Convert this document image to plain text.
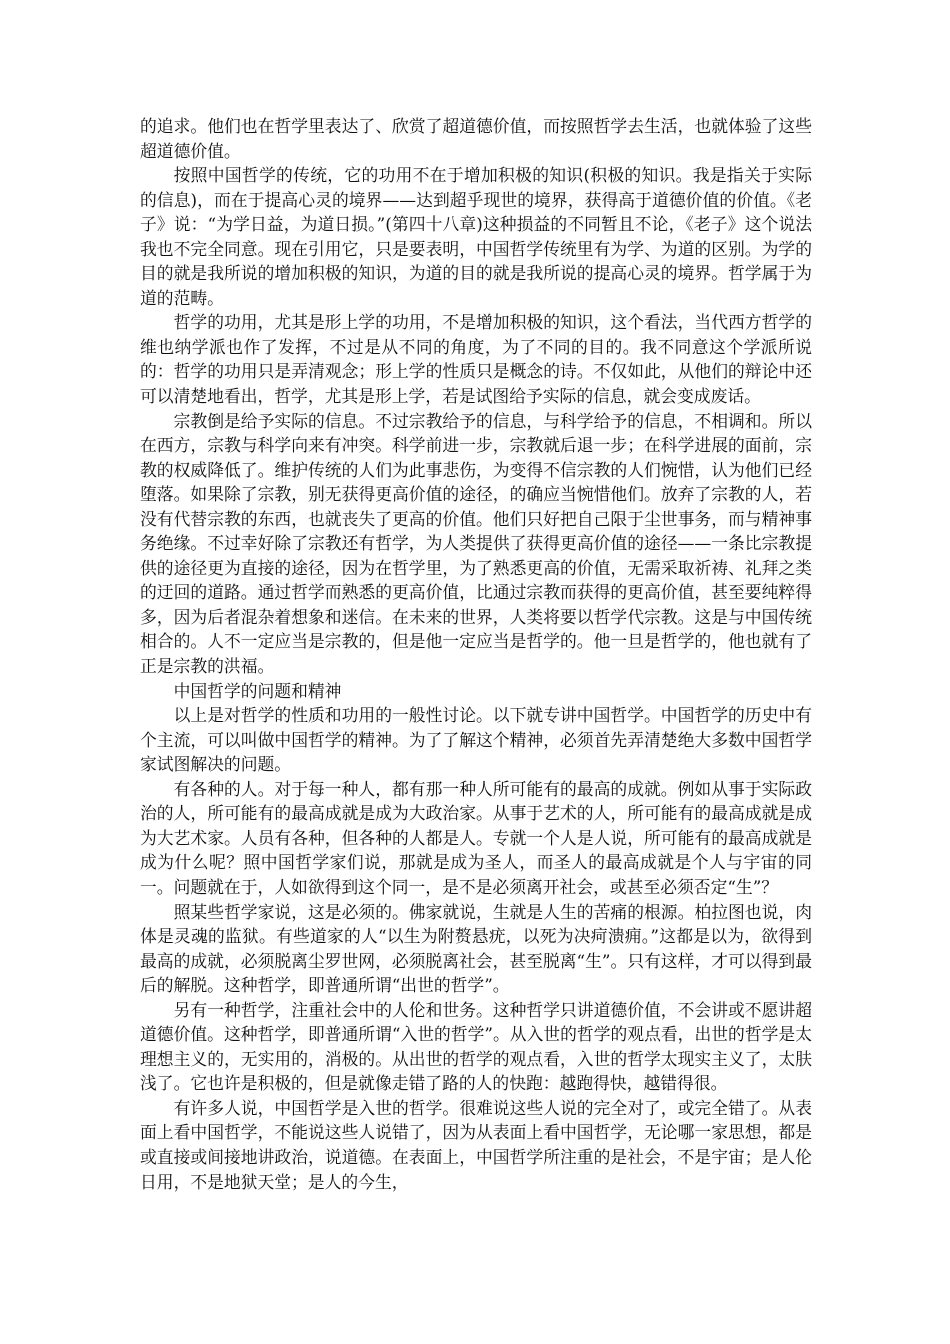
的追求。他们也在哲学里表达了、欣赏了超道德价值，而按照哲学去生活，也就体验了这些超道德价值。

按照中国哲学的传统，它的功用不在于增加积极的知识(积极的知识。我是指关于实际的信息)，而在于提高心灵的境界——达到超乎现世的境界，获得高于道德价值的价值。《老子》说：“为学日益，为道日损。”(第四十八章)这种损益的不同暂且不论，《老子》这个说法我也不完全同意。现在引用它，只是要表明，中国哲学传统里有为学、为道的区别。为学的目的就是我所说的增加积极的知识，为道的目的就是我所说的提高心灵的境界。哲学属于为道的范畴。

哲学的功用，尤其是形上学的功用，不是增加积极的知识，这个看法，当代西方哲学的维也纳学派也作了发挥，不过是从不同的角度，为了不同的目的。我不同意这个学派所说的：哲学的功用只是弄清观念；形上学的性质只是概念的诗。不仅如此，从他们的辩论中还可以清楚地看出，哲学，尤其是形上学，若是试图给予实际的信息，就会变成废话。

宗教倒是给予实际的信息。不过宗教给予的信息，与科学给予的信息，不相调和。所以在西方，宗教与科学向来有冲突。科学前进一步，宗教就后退一步；在科学进展的面前，宗教的权威降低了。维护传统的人们为此事悲伤，为变得不信宗教的人们惋惜，认为他们已经堕落。如果除了宗教，别无获得更高价值的途径，的确应当惋惜他们。放弃了宗教的人，若没有代替宗教的东西，也就丧失了更高的价值。他们只好把自己限于尘世事务，而与精神事务绝缘。不过幸好除了宗教还有哲学，为人类提供了获得更高价值的途径——一条比宗教提供的途径更为直接的途径，因为在哲学里，为了熟悉更高的价值，无需采取祈祷、礼拜之类的迂回的道路。通过哲学而熟悉的更高价值，比通过宗教而获得的更高价值，甚至要纯粹得多，因为后者混杂着想象和迷信。在未来的世界，人类将要以哲学代宗教。这是与中国传统相合的。人不一定应当是宗教的，但是他一定应当是哲学的。他一旦是哲学的，他也就有了正是宗教的洪福。

中国哲学的问题和精神

以上是对哲学的性质和功用的一般性讨论。以下就专讲中国哲学。中国哲学的历史中有个主流，可以叫做中国哲学的精神。为了了解这个精神，必须首先弄清楚绝大多数中国哲学家试图解决的问题。

有各种的人。对于每一种人，都有那一种人所可能有的最高的成就。例如从事于实际政治的人，所可能有的最高成就是成为大政治家。从事于艺术的人，所可能有的最高成就是成为大艺术家。人员有各种，但各种的人都是人。专就一个人是人说，所可能有的最高成就是成为什么呢？照中国哲学家们说，那就是成为圣人，而圣人的最高成就是个人与宇宙的同一。问题就在于，人如欲得到这个同一，是不是必须离开社会，或甚至必须否定“生”？

照某些哲学家说，这是必须的。佛家就说，生就是人生的苦痛的根源。柏拉图也说，肉体是灵魂的监狱。有些道家的人“以生为附赘悬疣，以死为决疴溃痈。”这都是以为，欲得到最高的成就，必须脱离尘罗世网，必须脱离社会，甚至脱离“生”。只有这样，才可以得到最后的解脱。这种哲学，即普通所谓“出世的哲学”。

另有一种哲学，注重社会中的人伦和世务。这种哲学只讲道德价值，不会讲或不愿讲超道德价值。这种哲学，即普通所谓“入世的哲学”。从入世的哲学的观点看，出世的哲学是太理想主义的，无实用的，消极的。从出世的哲学的观点看，入世的哲学太现实主义了，太肤浅了。它也许是积极的，但是就像走错了路的人的快跑：越跑得快，越错得很。

有许多人说，中国哲学是入世的哲学。很难说这些人说的完全对了，或完全错了。从表面上看中国哲学，不能说这些人说错了，因为从表面上看中国哲学，无论哪一家思想，都是或直接或间接地讲政治，说道德。在表面上，中国哲学所注重的是社会，不是宇宙；是人伦日用，不是地狱天堂；是人的今生，
